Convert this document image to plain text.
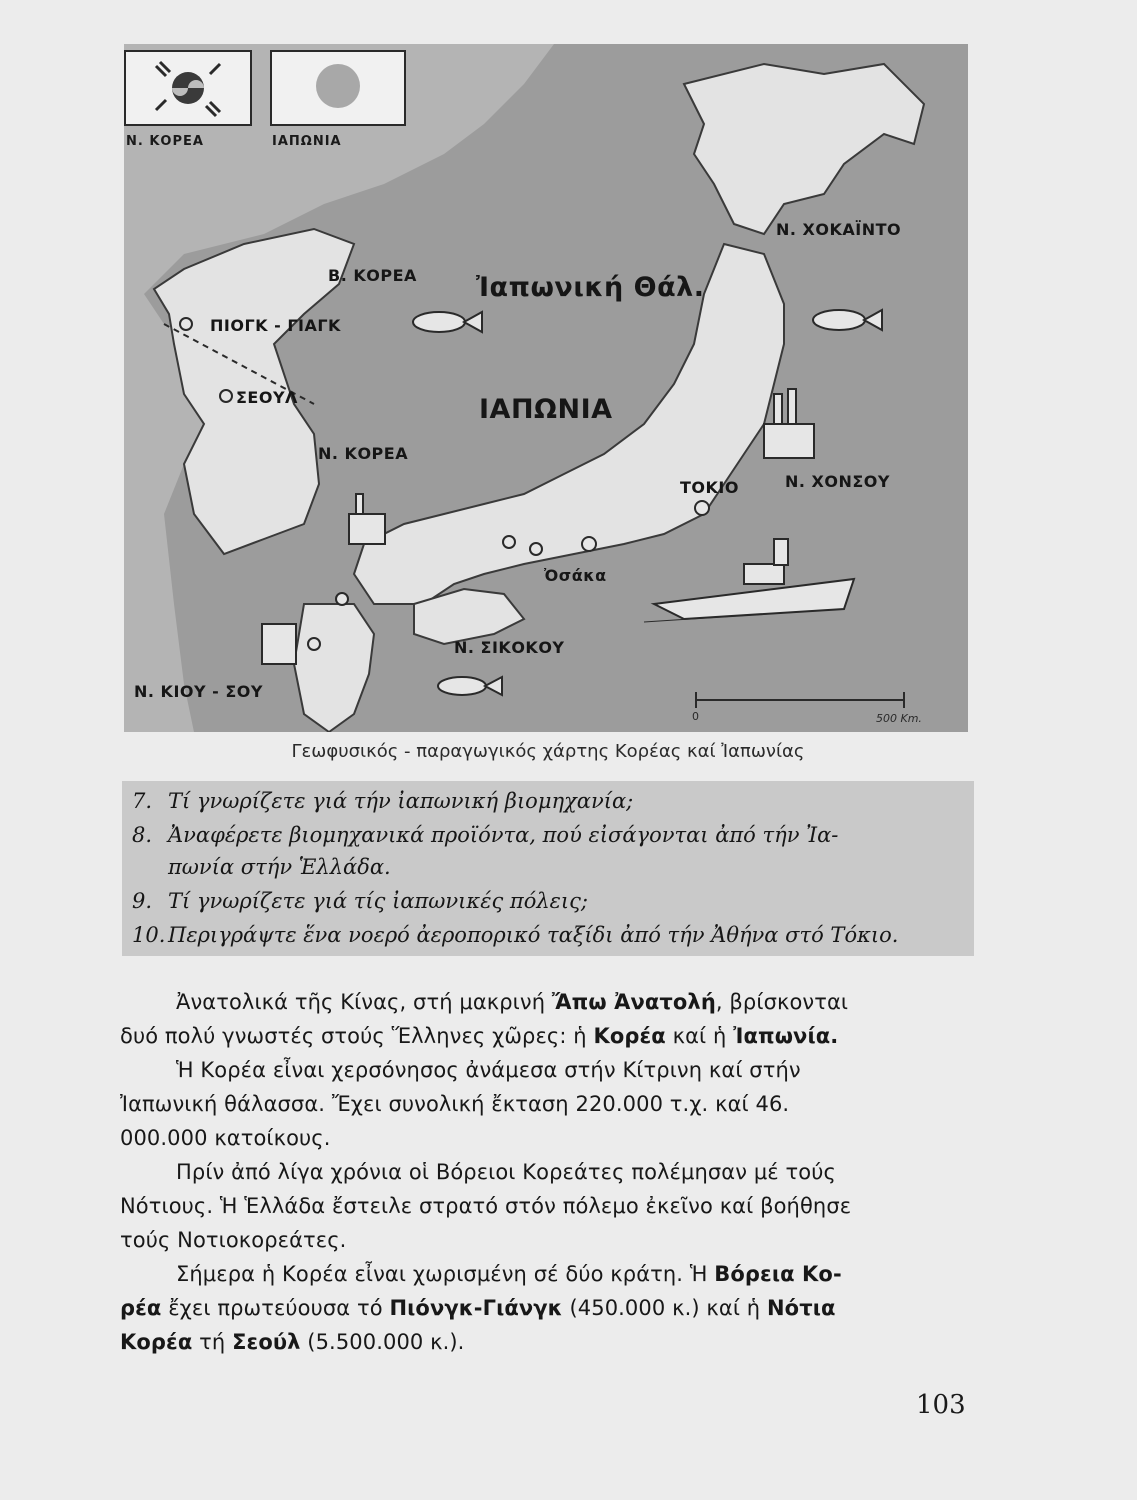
0	500 Km.
Ν. ΚΟΡΕΑ	ΙΑΠΩΝΙΑ
Ν. ΧΟΚΑΪΝΤΟ
Β. ΚΟΡΕΑ Ἰαπωνική Θάλ.
ΠΙΟΓΚ - ΓΙΑΓΚ
ΣΕΟΥΛ	ΙΑΠΩΝΙΑ
Ν. ΚΟΡΕΑ
Ν. ΧΟΝΣΟΥ
ΤΟΚΙΟ
Ὀσάκα
Ν. ΣΙΚΟΚΟΥ
Ν. ΚΙΟΥ - ΣΟΥ
Γεωφυσικός - παραγωγικός χάρτης Κορέας καί Ἰαπωνίας
7. Τί γνωρίζετε γιά τήν ἰαπωνική βιομηχανία;
8. Ἀναφέρετε βιομηχανικά προϊόντα, πού εἰσάγονται ἀπό τήν Ἰα-
πωνία στήν Ἑλλάδα.
9. Τί γνωρίζετε γιά τίς ἰαπωνικές πόλεις;
10. Περιγράψτε ἕνα νοερό ἀεροπορικό ταξίδι ἀπό τήν Ἀθήνα στό Τόκιο.
Ἀνατολικά τῆς Κίνας, στή μακρινή Ἄπω Ἀνατολή, βρίσκονται
δυό πολύ γνωστές στούς Ἕλληνες χῶρες: ἡ Κορέα καί ἡ Ἰαπωνία.
Ἡ Κορέα εἶναι χερσόνησος ἀνάμεσα στήν Κίτρινη καί στήν
Ἰαπωνική θάλασσα. Ἔχει συνολική ἔκταση 220.000 τ.χ. καί 46.
000.000 κατοίκους.
Πρίν ἀπό λίγα χρόνια οἱ Βόρειοι Κορεάτες πολέμησαν μέ τούς
Νότιους. Ἡ Ἑλλάδα ἔστειλε στρατό στόν πόλεμο ἐκεῖνο καί βοήθησε
τούς Νοτιοκορεάτες.
Σήμερα ἡ Κορέα εἶναι χωρισμένη σέ δύο κράτη. Ἡ Βόρεια Κο-
ρέα ἔχει πρωτεύουσα τό Πιόνγκ-Γιάνγκ (450.000 κ.) καί ἡ Νότια
Κορέα τή Σεούλ (5.500.000 κ.).
103
